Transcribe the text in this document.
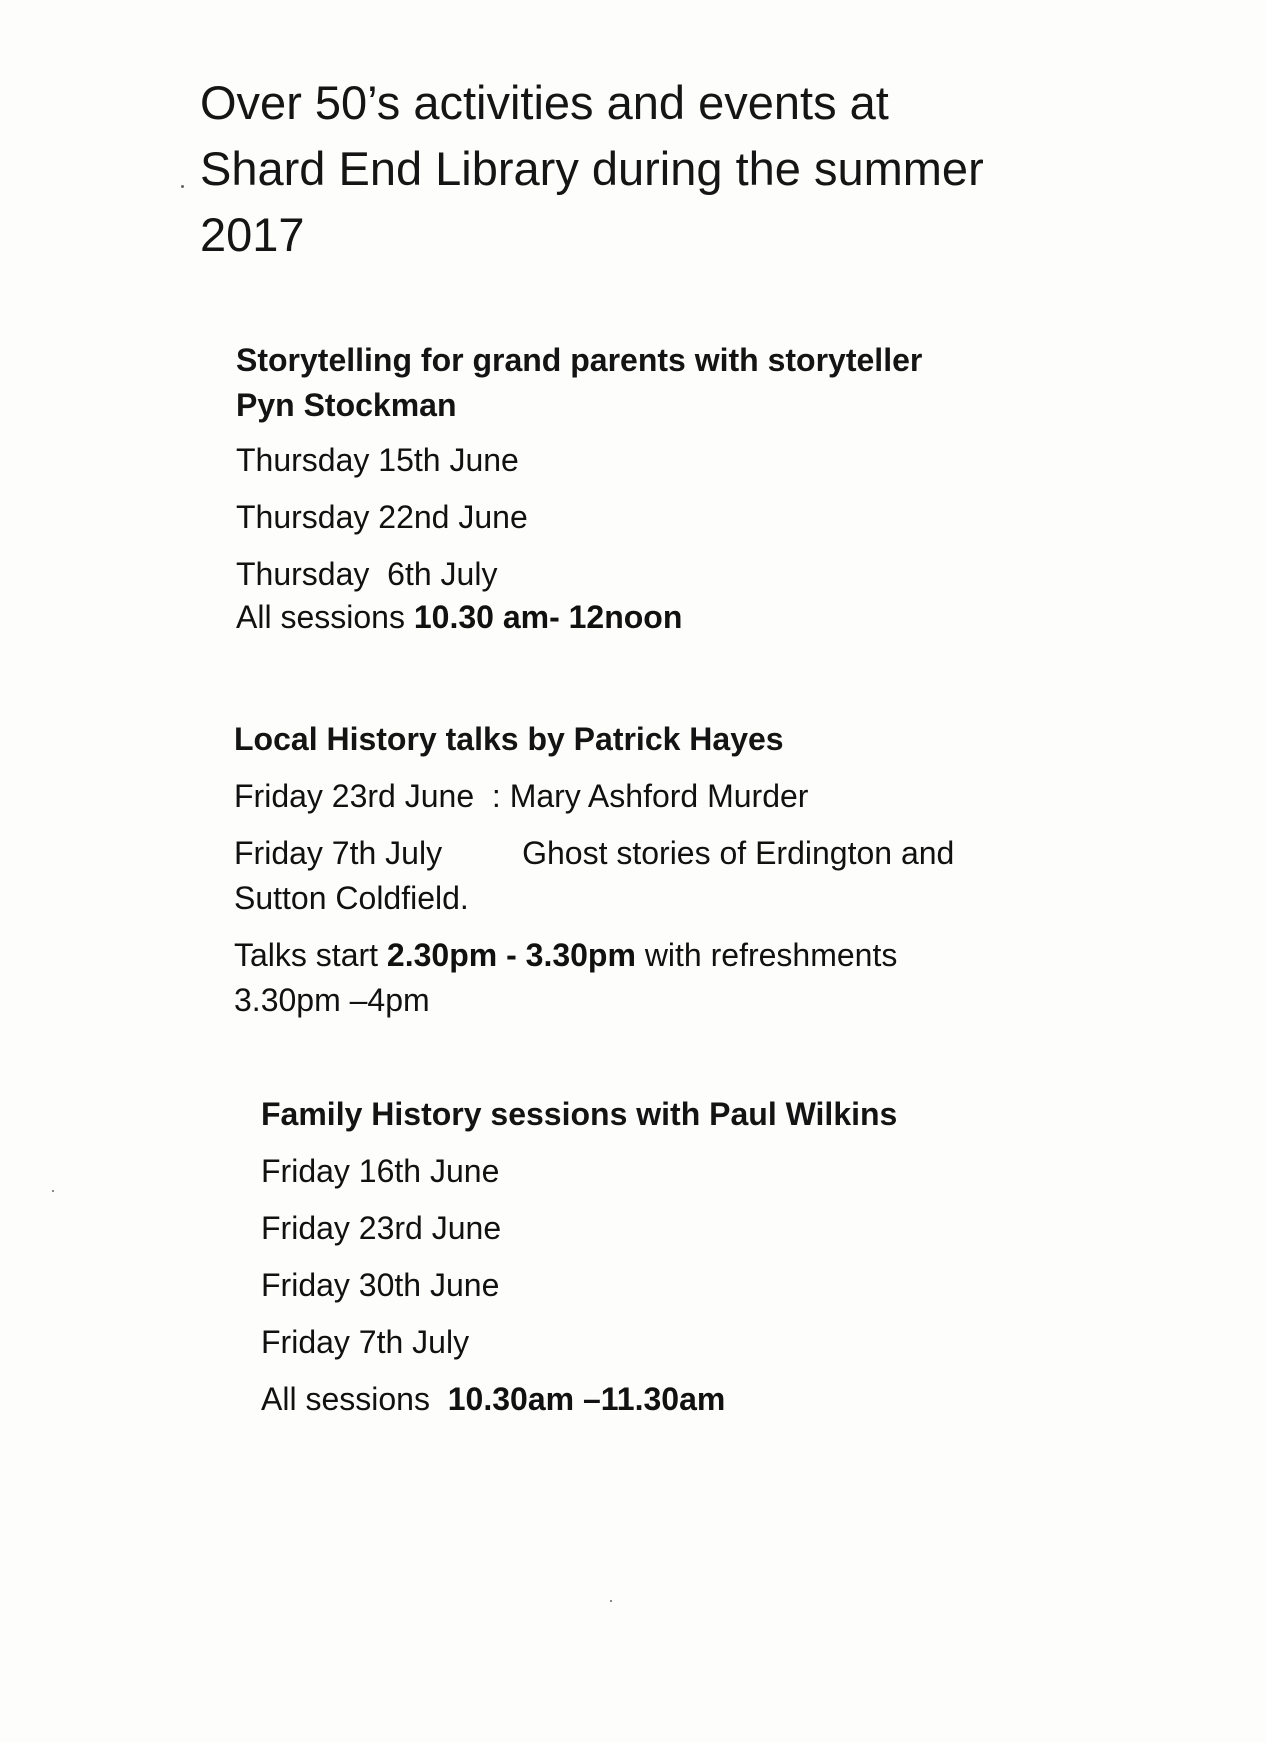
Over 50’s activities and events at
Shard End Library during the summer
2017
Storytelling for grand parents with storyteller
Pyn Stockman

Thursday 15th June

Thursday 22nd June

Thursday  6th July

All sessions 10.30 am- 12noon

Local History talks by Patrick Hayes

Friday 23rd June  : Mary Ashford Murder

Friday 7th July	Ghost stories of Erdington and

Sutton Coldfield.

Talks start 2.30pm - 3.30pm with refreshments

3.30pm –4pm

Family History sessions with Paul Wilkins

Friday 16th June

Friday 23rd June

Friday 30th June

Friday 7th July

All sessions  10.30am –11.30am
